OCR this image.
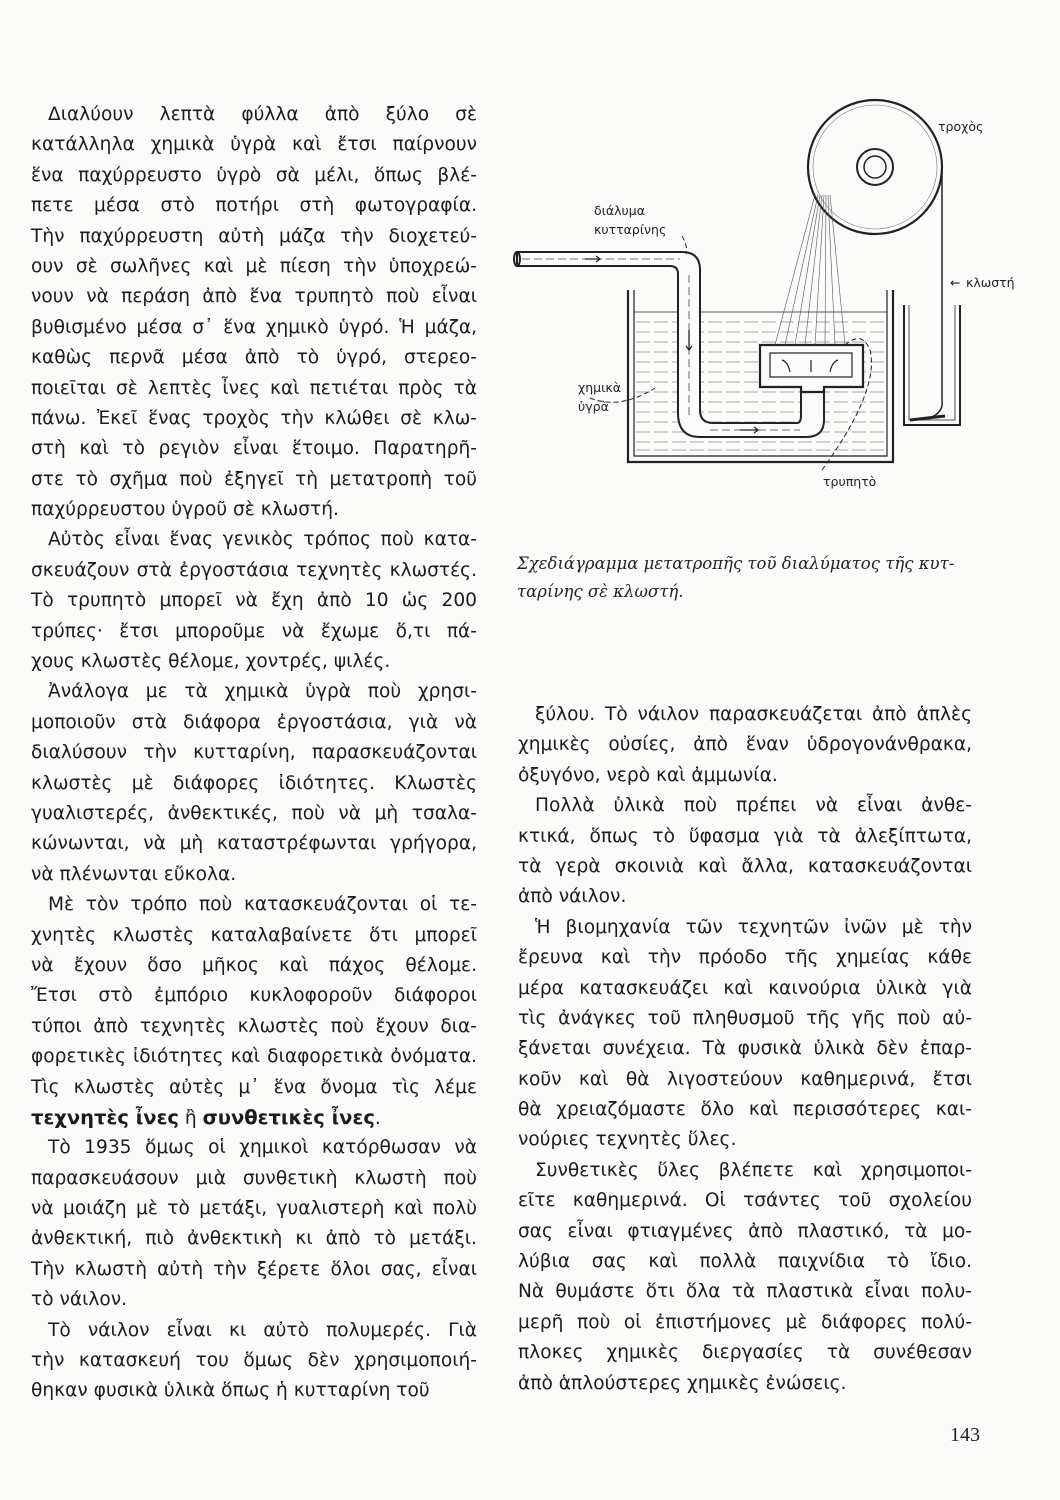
Διαλύουν λεπτὰ φύλλα ἀπὸ ξύλο σὲ
κατάλληλα χημικὰ ὑγρὰ καὶ ἔτσι παίρνουν
ἕνα παχύρρευστο ὑγρὸ σὰ μέλι, ὅπως βλέ-
πετε μέσα στὸ ποτήρι στὴ φωτογραφία.
Τὴν παχύρρευστη αὐτὴ μάζα τὴν διοχετεύ-
ουν σὲ σωλῆνες καὶ μὲ πίεση τὴν ὑποχρεώ-
νουν νὰ περάση ἀπὸ ἕνα τρυπητὸ ποὺ εἶναι
βυθισμένο μέσα σ᾽ ἕνα χημικὸ ὑγρό. Ἡ μάζα,
καθὼς περνᾶ μέσα ἀπὸ τὸ ὑγρό, στερεο-
ποιεῖται σὲ λεπτὲς ἶνες καὶ πετιέται πρὸς τὰ
πάνω. Ἐκεῖ ἕνας τροχὸς τὴν κλώθει σὲ κλω-
στὴ καὶ τὸ ρεγιὸν εἶναι ἕτοιμο. Παρατηρῆ-
στε τὸ σχῆμα ποὺ ἐξηγεῖ τὴ μετατροπὴ τοῦ
παχύρρευστου ὑγροῦ σὲ κλωστή.
Αὐτὸς εἶναι ἕνας γενικὸς τρόπος ποὺ κατα-
σκευάζουν στὰ ἐργοστάσια τεχνητὲς κλωστές.
Τὸ τρυπητὸ μπορεῖ νὰ ἔχη ἀπὸ 10 ὡς 200
τρύπες· ἔτσι μποροῦμε νὰ ἔχωμε ὅ,τι πά-
χους κλωστὲς θέλομε, χοντρές, ψιλές.
Ἀνάλογα με τὰ χημικὰ ὑγρὰ ποὺ χρησι-
μοποιοῦν στὰ διάφορα ἐργοστάσια, γιὰ νὰ
διαλύσουν τὴν κυτταρίνη, παρασκευάζονται
κλωστὲς μὲ διάφορες ἰδιότητες. Κλωστὲς
γυαλιστερές, ἀνθεκτικές, ποὺ νὰ μὴ τσαλα-
κώνωνται, νὰ μὴ καταστρέφωνται γρήγορα,
νὰ πλένωνται εὔκολα.
Μὲ τὸν τρόπο ποὺ κατασκευάζονται οἱ τε-
χνητὲς κλωστὲς καταλαβαίνετε ὅτι μπορεῖ
νὰ ἔχουν ὅσο μῆκος καὶ πάχος θέλομε.
Ἔτσι στὸ ἐμπόριο κυκλοφοροῦν διάφοροι
τύποι ἀπὸ τεχνητὲς κλωστὲς ποὺ ἔχουν δια-
φορετικὲς ἰδιότητες καὶ διαφορετικὰ ὀνόματα.
Τὶς κλωστὲς αὐτὲς μ᾽ ἕνα ὄνομα τὶς λέμε
τεχνητὲς ἶνες ἢ συνθετικὲς ἶνες.
Τὸ 1935 ὅμως οἱ χημικοὶ κατόρθωσαν νὰ
παρασκευάσουν μιὰ συνθετικὴ κλωστὴ ποὺ
νὰ μοιάζη μὲ τὸ μετάξι, γυαλιστερὴ καὶ πολὺ
ἀνθεκτική, πιὸ ἀνθεκτικὴ κι ἀπὸ τὸ μετάξι.
Τὴν κλωστὴ αὐτὴ τὴν ξέρετε ὅλοι σας, εἶναι
τὸ νάιλον.
Τὸ νάιλον εἶναι κι αὐτὸ πολυμερές. Γιὰ
τὴν κατασκευή του ὅμως δὲν χρησιμοποιή-
θηκαν φυσικὰ ὑλικὰ ὅπως ἡ κυτταρίνη τοῦ
ξύλου. Τὸ νάιλον παρασκευάζεται ἀπὸ ἁπλὲς
χημικὲς οὐσίες, ἀπὸ ἕναν ὑδρογονάνθρακα,
ὀξυγόνο, νερὸ καὶ ἀμμωνία.
Πολλὰ ὑλικὰ ποὺ πρέπει νὰ εἶναι ἀνθε-
κτικά, ὅπως τὸ ὕφασμα γιὰ τὰ ἀλεξίπτωτα,
τὰ γερὰ σκοινιὰ καὶ ἄλλα, κατασκευάζονται
ἀπὸ νάιλον.
Ἡ βιομηχανία τῶν τεχνητῶν ἰνῶν μὲ τὴν
ἔρευνα καὶ τὴν πρόοδο τῆς χημείας κάθε
μέρα κατασκευάζει καὶ καινούρια ὑλικὰ γιὰ
τὶς ἀνάγκες τοῦ πληθυσμοῦ τῆς γῆς ποὺ αὐ-
ξάνεται συνέχεια. Τὰ φυσικὰ ὑλικὰ δὲν ἐπαρ-
κοῦν καὶ θὰ λιγοστεύουν καθημερινά, ἔτσι
θὰ χρειαζόμαστε ὅλο καὶ περισσότερες και-
νούριες τεχνητὲς ὕλες.
Συνθετικὲς ὕλες βλέπετε καὶ χρησιμοποι-
εῖτε καθημερινά. Οἱ τσάντες τοῦ σχολείου
σας εἶναι φτιαγμένες ἀπὸ πλαστικό, τὰ μο-
λύβια σας καὶ πολλὰ παιχνίδια τὸ ἴδιο.
Νὰ θυμάστε ὅτι ὅλα τὰ πλαστικὰ εἶναι πολυ-
μερῆ ποὺ οἱ ἐπιστήμονες μὲ διάφορες πολύ-
πλοκες χημικὲς διεργασίες τὰ συνέθεσαν
ἀπὸ ἁπλούστερες χημικὲς ἐνώσεις.
τροχὸς
← κλωστή
διάλυμα
κυτταρίνης
χημικὰ
ὑγρὰ
τρυπητὸ
Σχεδιάγραμμα μετατροπῆς τοῦ διαλύματος τῆς κυτ-
ταρίνης σὲ κλωστή.
143
